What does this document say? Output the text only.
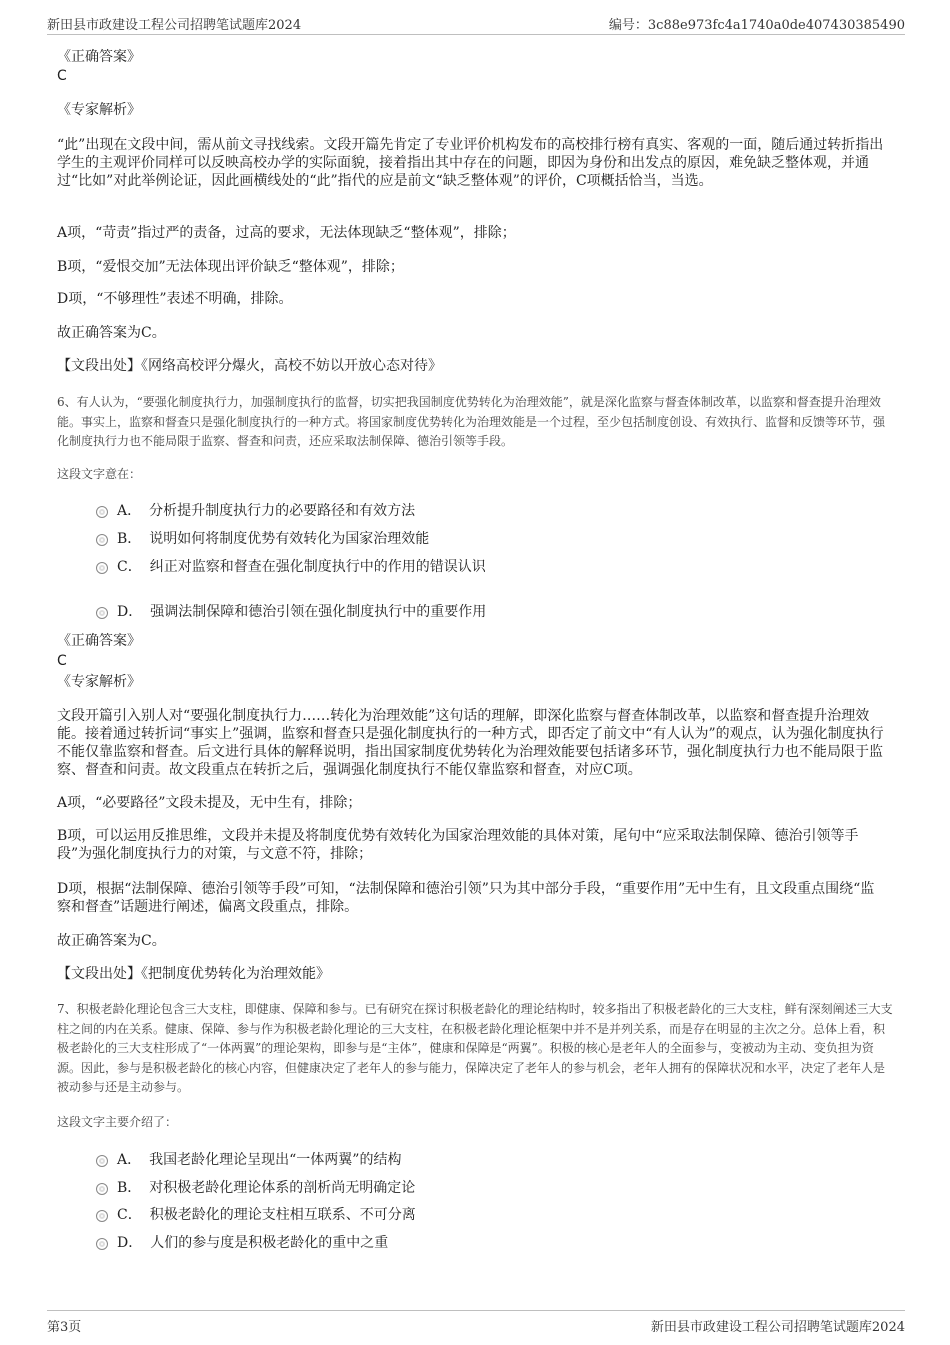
新田县市政建设工程公司招聘笔试题库2024	编号：3c88e973fc4a1740a0de407430385490
《正确答案》
C
《专家解析》
“此”出现在文段中间，需从前文寻找线索。文段开篇先肯定了专业评价机构发布的高校排行榜有真实、客观的一面，随后通过转折指出学生的主观评价同样可以反映高校办学的实际面貌，接着指出其中存在的问题，即因为身份和出发点的原因，难免缺乏整体观，并通过“比如”对此举例论证，因此画横线处的“此”指代的应是前文“缺乏整体观”的评价，C项概括恰当，当选。
A项，“苛责”指过严的责备，过高的要求，无法体现缺乏“整体观”，排除；
B项，“爱恨交加”无法体现出评价缺乏“整体观”，排除；
D项，“不够理性”表述不明确，排除。
故正确答案为C。
【文段出处】《网络高校评分爆火，高校不妨以开放心态对待》
6、有人认为，“要强化制度执行力，加强制度执行的监督，切实把我国制度优势转化为治理效能”，就是深化监察与督查体制改革，以监察和督查提升治理效能。事实上，监察和督查只是强化制度执行的一种方式。将国家制度优势转化为治理效能是一个过程，至少包括制度创设、有效执行、监督和反馈等环节，强化制度执行力也不能局限于监察、督查和问责，还应采取法制保障、德治引领等手段。
这段文字意在：
A． 分析提升制度执行力的必要路径和有效方法
B． 说明如何将制度优势有效转化为国家治理效能
C． 纠正对监察和督查在强化制度执行中的作用的错误认识
D． 强调法制保障和德治引领在强化制度执行中的重要作用
《正确答案》
C
《专家解析》
文段开篇引入别人对“要强化制度执行力……转化为治理效能”这句话的理解，即深化监察与督查体制改革，以监察和督查提升治理效能。接着通过转折词“事实上”强调，监察和督查只是强化制度执行的一种方式，即否定了前文中“有人认为”的观点，认为强化制度执行不能仅靠监察和督查。后文进行具体的解释说明，指出国家制度优势转化为治理效能要包括诸多环节，强化制度执行力也不能局限于监察、督查和问责。故文段重点在转折之后，强调强化制度执行不能仅靠监察和督查，对应C项。
A项，“必要路径”文段未提及，无中生有，排除；
B项，可以运用反推思维，文段并未提及将制度优势有效转化为国家治理效能的具体对策，尾句中“应采取法制保障、德治引领等手段”为强化制度执行力的对策，与文意不符，排除；
D项，根据“法制保障、德治引领等手段”可知，“法制保障和德治引领”只为其中部分手段，“重要作用”无中生有，且文段重点围绕“监察和督查”话题进行阐述，偏离文段重点，排除。
故正确答案为C。
【文段出处】《把制度优势转化为治理效能》
7、积极老龄化理论包含三大支柱，即健康、保障和参与。已有研究在探讨积极老龄化的理论结构时，较多指出了积极老龄化的三大支柱，鲜有深刻阐述三大支柱之间的内在关系。健康、保障、参与作为积极老龄化理论的三大支柱，在积极老龄化理论框架中并不是并列关系，而是存在明显的主次之分。总体上看，积极老龄化的三大支柱形成了“一体两翼”的理论架构，即参与是“主体”，健康和保障是“两翼”。积极的核心是老年人的全面参与，变被动为主动、变负担为资源。因此，参与是积极老龄化的核心内容，但健康决定了老年人的参与能力，保障决定了老年人的参与机会，老年人拥有的保障状况和水平，决定了老年人是被动参与还是主动参与。
这段文字主要介绍了：
A． 我国老龄化理论呈现出“一体两翼”的结构
B． 对积极老龄化理论体系的剖析尚无明确定论
C． 积极老龄化的理论支柱相互联系、不可分离
D． 人们的参与度是积极老龄化的重中之重
第3页	新田县市政建设工程公司招聘笔试题库2024
